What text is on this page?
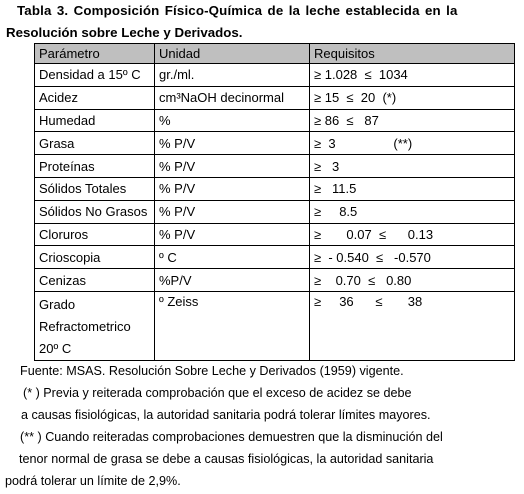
Tabla 3. Composición Físico-Química de la leche establecida en la
Resolución sobre Leche y Derivados.
Parámetro	Unidad	Requisitos
Densidad a 15º C	gr./ml.	≥ 1.028  ≤  1034
Acidez	cm³NaOH decinormal	≥ 15  ≤  20  (*)
Humedad	%	≥ 86  ≤   87
Grasa	% P/V	≥  3                (**)
Proteínas	% P/V	≥   3
Sólidos Totales	% P/V	≥   11.5
Sólidos No Grasos	% P/V	≥     8.5
Cloruros	% P/V	≥       0.07  ≤      0.13
Crioscopia	º C	≥  - 0.540  ≤   -0.570
Cenizas	%P/V	≥    0.70  ≤   0.80
Grado Refractometrico 20º C	º Zeiss	≥     36      ≤       38
Fuente: MSAS. Resolución Sobre Leche y Derivados (1959) vigente.
(* ) Previa y reiterada comprobación que el exceso de acidez se debe
a causas fisiológicas, la autoridad sanitaria podrá tolerar límites mayores.
(** ) Cuando reiteradas comprobaciones demuestren que la disminución del
tenor normal de grasa se debe a causas fisiológicas, la autoridad sanitaria
podrá tolerar un límite de 2,9%.
